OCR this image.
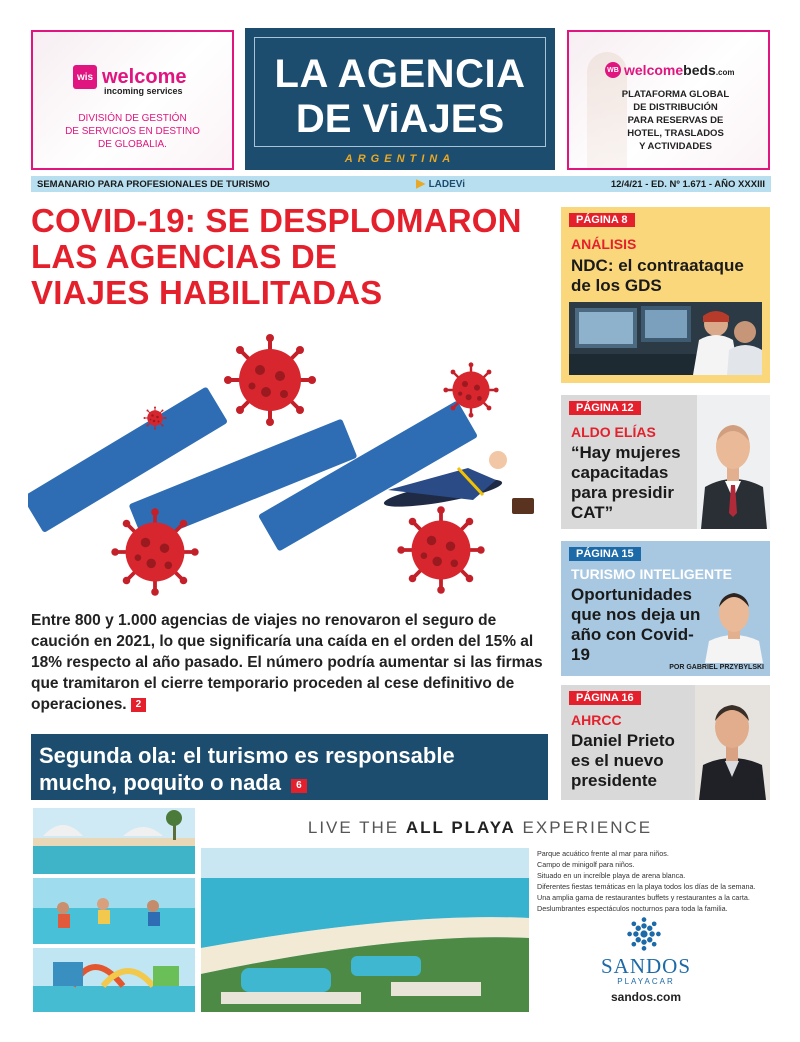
wis welcome
incoming services
DIVISIÓN DE GESTIÓN
DE SERVICIOS EN DESTINO
DE GLOBALIA.
LA AGENCIA
DE ViAJES
ARGENTINA
WB welcomebeds.com
PLATAFORMA GLOBAL
DE DISTRIBUCIÓN
PARA RESERVAS DE
HOTEL, TRASLADOS
Y ACTIVIDADES
SEMANARIO PARA PROFESIONALES DE TURISMO	LADEVi	12/4/21 - ED. Nº 1.671 - AÑO XXXIII
COVID-19: SE DESPLOMARON
LAS AGENCIAS DE
VIAJES HABILITADAS

Entre 800 y 1.000 agencias de viajes no renovaron el seguro de caución en 2021, lo que significaría una caída en el orden del 15% al 18% respecto al año pasado. El número podría aumentar si las firmas que tramitaron el cierre temporario proceden al cese definitivo de operaciones. 2

Segunda ola: el turismo es responsable
mucho, poquito o nada 6
PÁGINA 8
ANÁLISIS
NDC: el contraataque de los GDS
PÁGINA 12
ALDO ELÍAS
“Hay mujeres capacitadas para presidir CAT”
PÁGINA 15
TURISMO INTELIGENTE
Oportunidades que nos deja un año con Covid-19
POR GABRIEL PRZYBYLSKI
PÁGINA 16
AHRCC
Daniel Prieto es el nuevo presidente
LIVE THE ALL PLAYA EXPERIENCE
Parque acuático frente al mar para niños.
Campo de minigolf para niños.
Situado en un increíble playa de arena blanca.
Diferentes fiestas temáticas en la playa todos los días de la semana.
Una amplia gama de restaurantes buffets y restaurantes a la carta.
Deslumbrantes espectáculos nocturnos para toda la familia.
SANDOS
PLAYACAR
sandos.com
